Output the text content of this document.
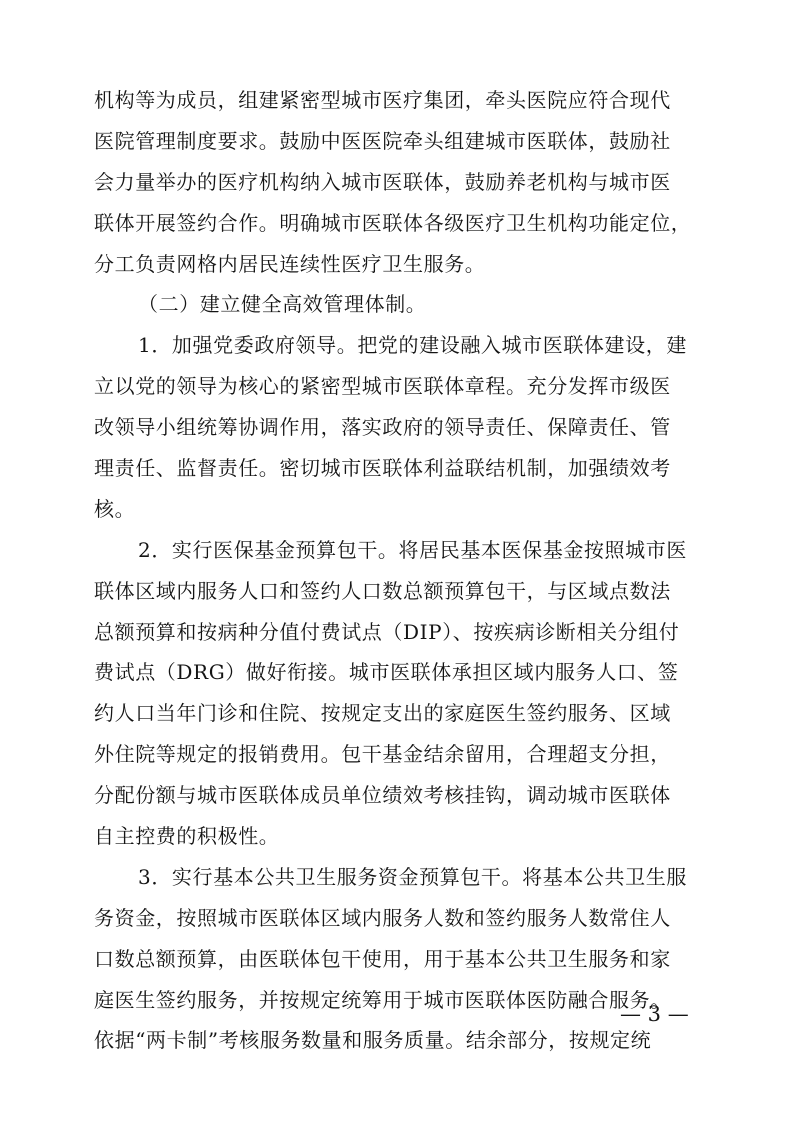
机构等为成员，组建紧密型城市医疗集团，牵头医院应符合现代
医院管理制度要求。鼓励中医医院牵头组建城市医联体，鼓励社
会力量举办的医疗机构纳入城市医联体，鼓励养老机构与城市医
联体开展签约合作。明确城市医联体各级医疗卫生机构功能定位，
分工负责网格内居民连续性医疗卫生服务。
（二）建立健全高效管理体制。
1．加强党委政府领导。把党的建设融入城市医联体建设，建
立以党的领导为核心的紧密型城市医联体章程。充分发挥市级医
改领导小组统筹协调作用，落实政府的领导责任、保障责任、管
理责任、监督责任。密切城市医联体利益联结机制，加强绩效考
核。
2．实行医保基金预算包干。将居民基本医保基金按照城市医
联体区域内服务人口和签约人口数总额预算包干，与区域点数法
总额预算和按病种分值付费试点（DIP）、按疾病诊断相关分组付
费试点（DRG）做好衔接。城市医联体承担区域内服务人口、签
约人口当年门诊和住院、按规定支出的家庭医生签约服务、区域
外住院等规定的报销费用。包干基金结余留用，合理超支分担，
分配份额与城市医联体成员单位绩效考核挂钩，调动城市医联体
自主控费的积极性。
3．实行基本公共卫生服务资金预算包干。将基本公共卫生服
务资金，按照城市医联体区域内服务人数和签约服务人数常住人
口数总额预算，由医联体包干使用，用于基本公共卫生服务和家
庭医生签约服务，并按规定统筹用于城市医联体医防融合服务。
依据“两卡制”考核服务数量和服务质量。结余部分，按规定统
— 3 —
